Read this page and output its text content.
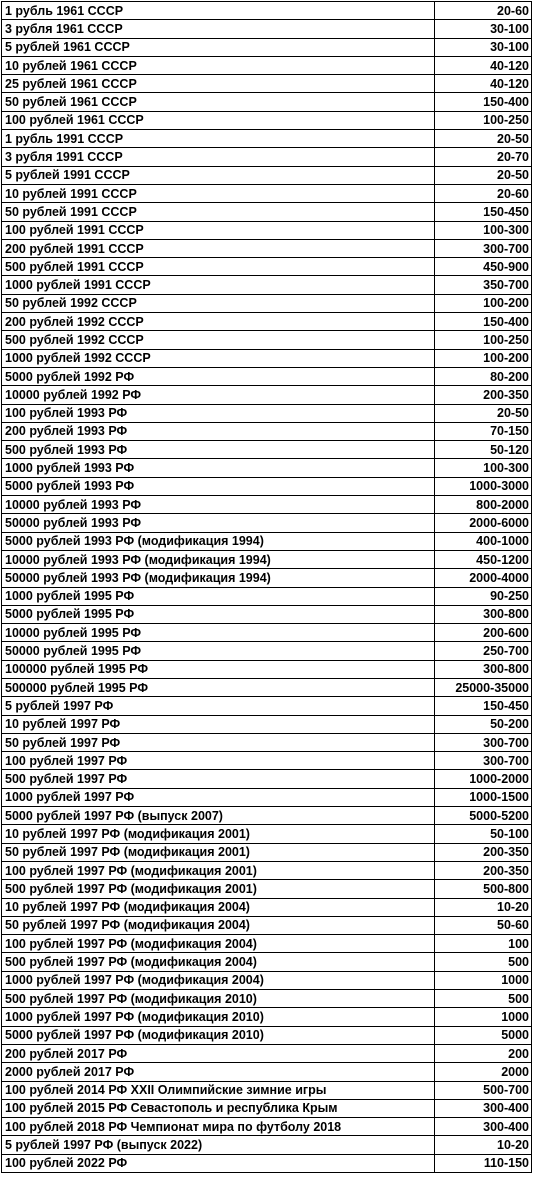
1 рубль 1961 СССР	20-60
3 рубля 1961 СССР	30-100
5 рублей 1961 СССР	30-100
10 рублей 1961 СССР	40-120
25 рублей 1961 СССР	40-120
50 рублей 1961 СССР	150-400
100 рублей 1961 СССР	100-250
1 рубль 1991 СССР	20-50
3 рубля 1991 СССР	20-70
5 рублей 1991 СССР	20-50
10 рублей 1991 СССР	20-60
50 рублей 1991 СССР	150-450
100 рублей 1991 СССР	100-300
200 рублей 1991 СССР	300-700
500 рублей 1991 СССР	450-900
1000 рублей 1991 СССР	350-700
50 рублей 1992 СССР	100-200
200 рублей 1992 СССР	150-400
500 рублей 1992 СССР	100-250
1000 рублей 1992 СССР	100-200
5000 рублей 1992 РФ	80-200
10000 рублей 1992 РФ	200-350
100 рублей 1993 РФ	20-50
200 рублей 1993 РФ	70-150
500 рублей 1993 РФ	50-120
1000 рублей 1993 РФ	100-300
5000 рублей 1993 РФ	1000-3000
10000 рублей 1993 РФ	800-2000
50000 рублей 1993 РФ	2000-6000
5000 рублей 1993 РФ (модификация 1994)	400-1000
10000 рублей 1993 РФ (модификация 1994)	450-1200
50000 рублей 1993 РФ (модификация 1994)	2000-4000
1000 рублей 1995 РФ	90-250
5000 рублей 1995 РФ	300-800
10000 рублей 1995 РФ	200-600
50000 рублей 1995 РФ	250-700
100000 рублей 1995 РФ	300-800
500000 рублей 1995 РФ	25000-35000
5 рублей 1997 РФ	150-450
10 рублей 1997 РФ	50-200
50 рублей 1997 РФ	300-700
100 рублей 1997 РФ	300-700
500 рублей 1997 РФ	1000-2000
1000 рублей 1997 РФ	1000-1500
5000 рублей 1997 РФ (выпуск 2007)	5000-5200
10 рублей 1997 РФ (модификация 2001)	50-100
50 рублей 1997 РФ (модификация 2001)	200-350
100 рублей 1997 РФ (модификация 2001)	200-350
500 рублей 1997 РФ (модификация 2001)	500-800
10 рублей 1997 РФ (модификация 2004)	10-20
50 рублей 1997 РФ (модификация 2004)	50-60
100 рублей 1997 РФ (модификация 2004)	100
500 рублей 1997 РФ (модификация 2004)	500
1000 рублей 1997 РФ (модификация 2004)	1000
500 рублей 1997 РФ (модификация 2010)	500
1000 рублей 1997 РФ (модификация 2010)	1000
5000 рублей 1997 РФ (модификация 2010)	5000
200 рублей 2017 РФ	200
2000 рублей 2017 РФ	2000
100 рублей 2014 РФ XXII Олимпийские зимние игры	500-700
100 рублей 2015 РФ Севастополь и республика Крым	300-400
100 рублей 2018 РФ Чемпионат мира по футболу 2018	300-400
5 рублей 1997 РФ (выпуск 2022)	10-20
100 рублей 2022 РФ	110-150
